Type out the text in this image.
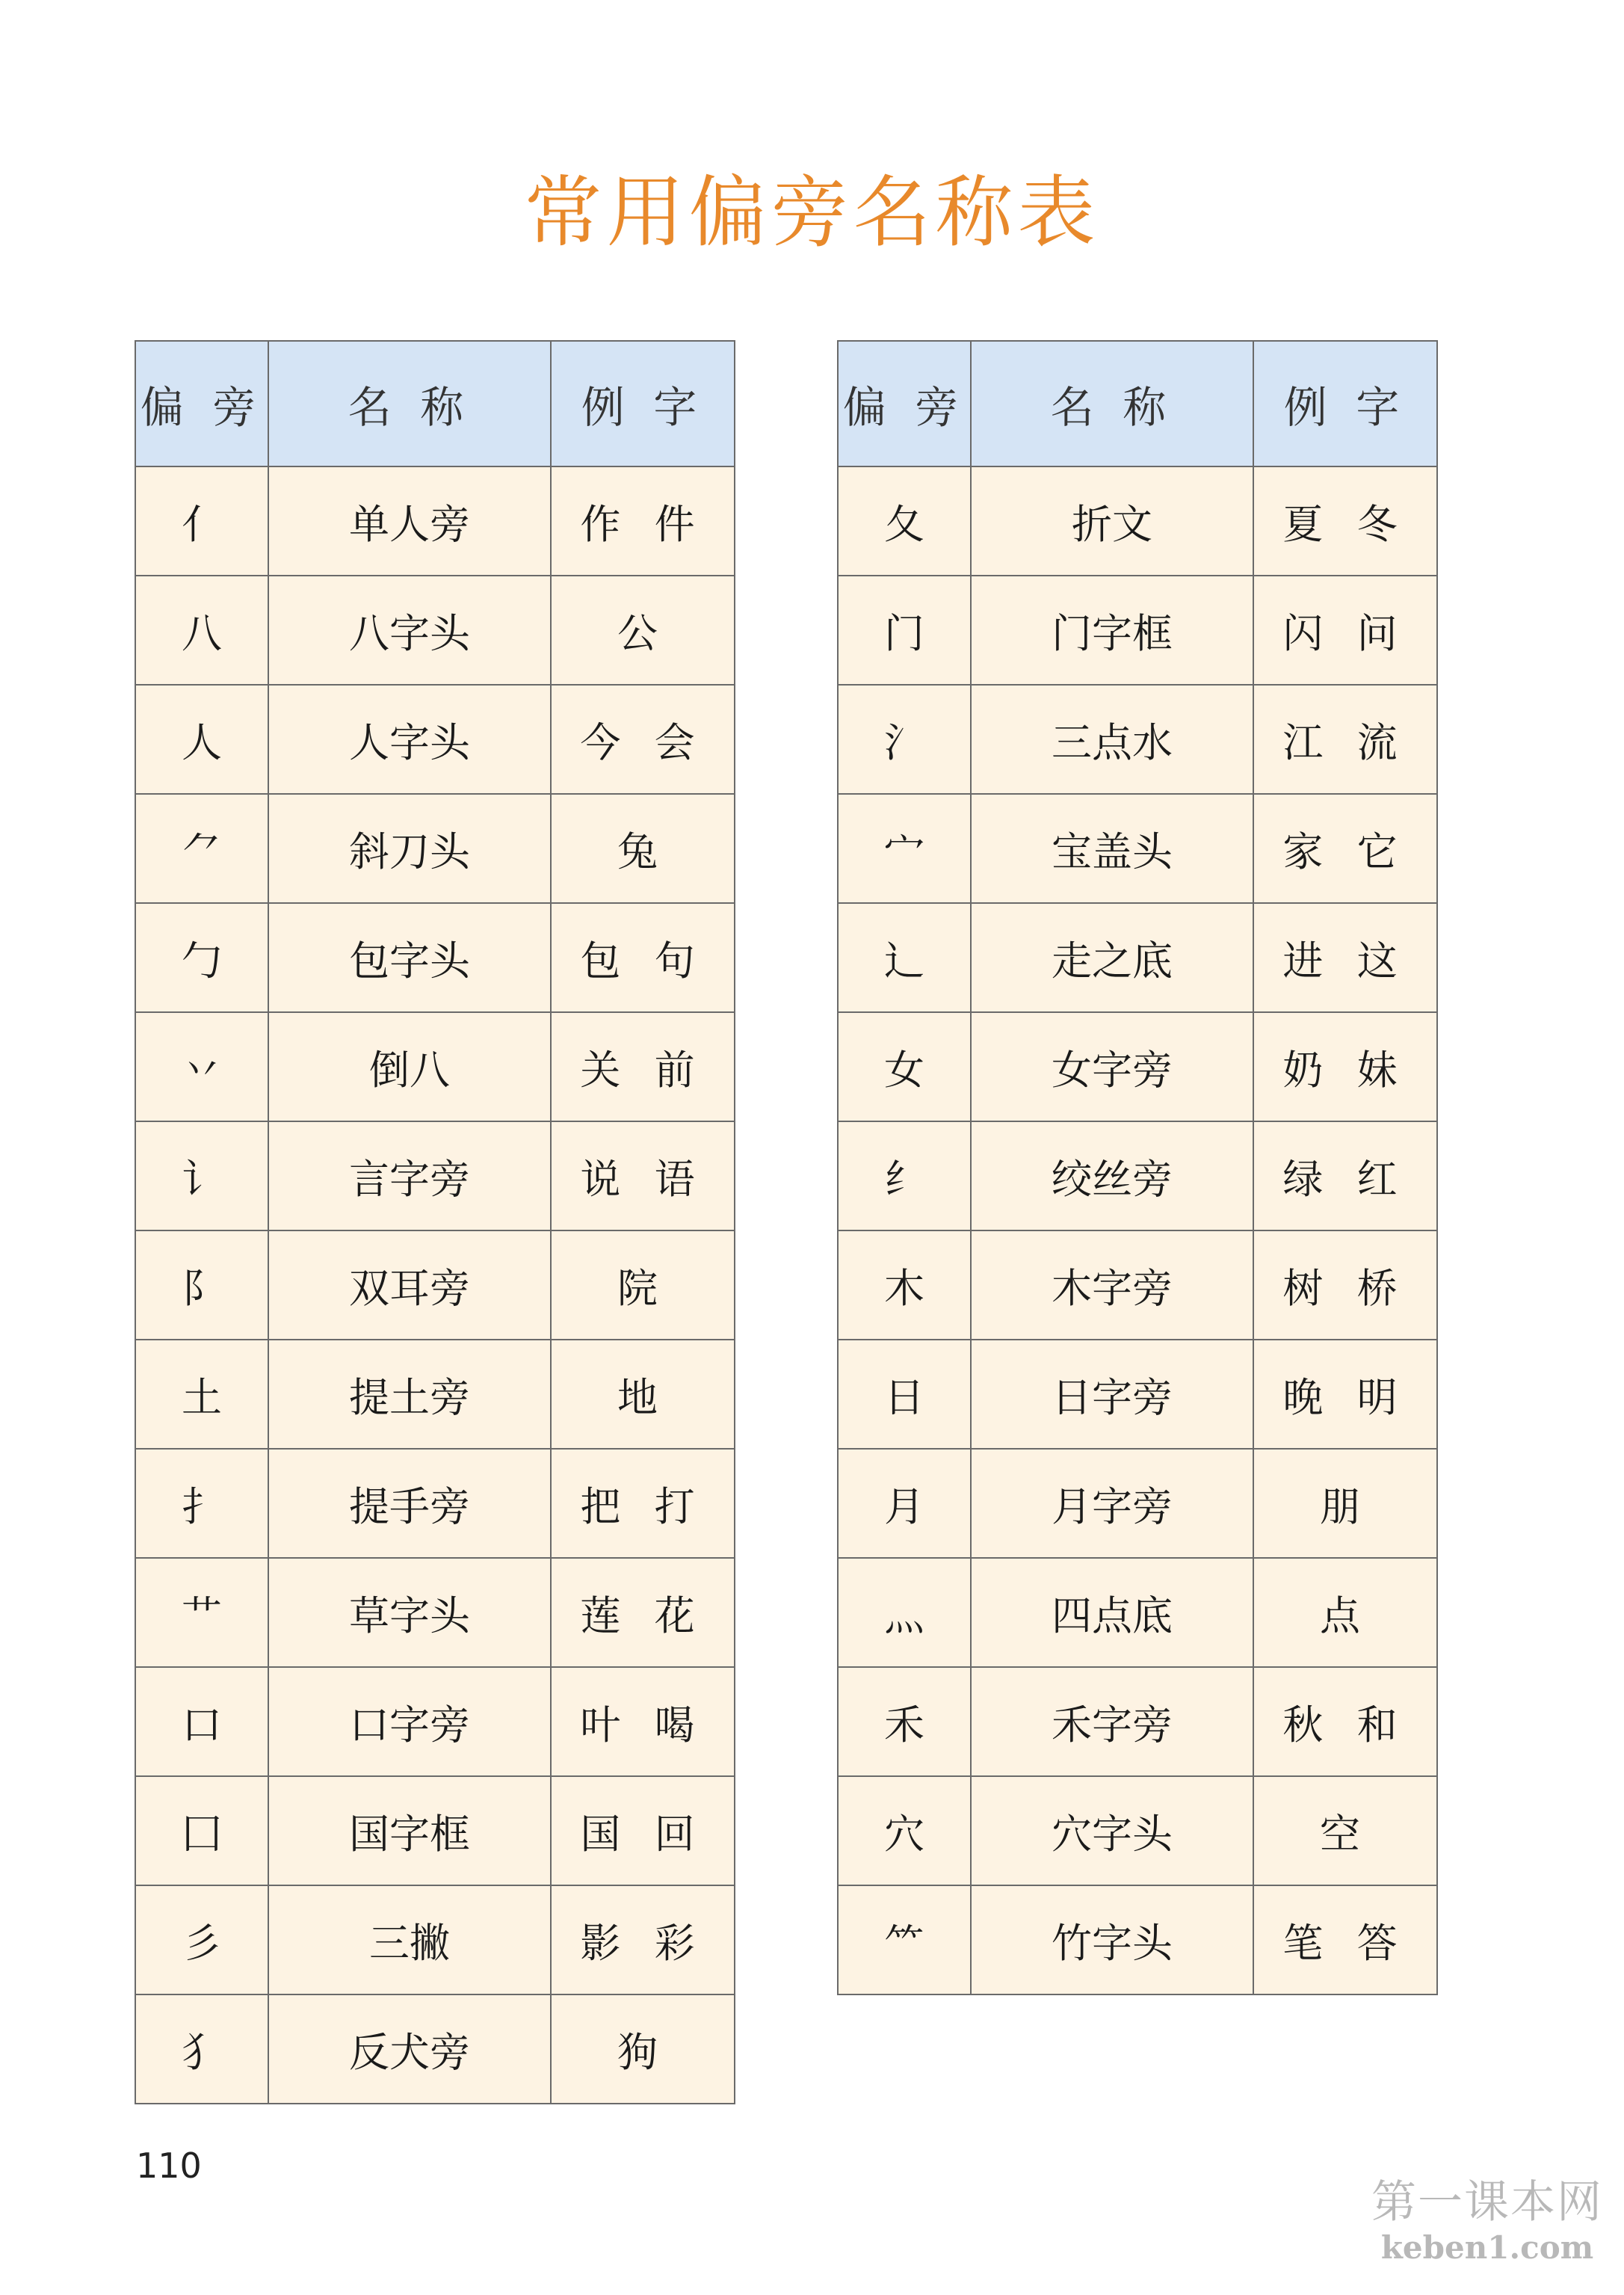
常用偏旁名称表
偏 旁	名 称	例 字
亻	单人旁	作 件
八	八字头	公
人	人字头	今 会
⺈	斜刀头	兔
勹	包字头	包 句
丷	倒八	关 前
讠	言字旁	说 语
阝	双耳旁	院
土	提土旁	地
扌	提手旁	把 打
艹	草字头	莲 花
口	口字旁	叶 喝
囗	国字框	国 回
彡	三撇	影 彩
犭	反犬旁	狗
偏 旁	名 称	例 字
夂	折文	夏 冬
门	门字框	闪 问
氵	三点水	江 流
宀	宝盖头	家 它
辶	走之底	进 这
女	女字旁	奶 妹
纟	绞丝旁	绿 红
木	木字旁	树 桥
日	日字旁	晚 明
月	月字旁	朋
灬	四点底	点
禾	禾字旁	秋 和
穴	穴字头	空
⺮	竹字头	笔 答
110
第一课本网
keben1.com
